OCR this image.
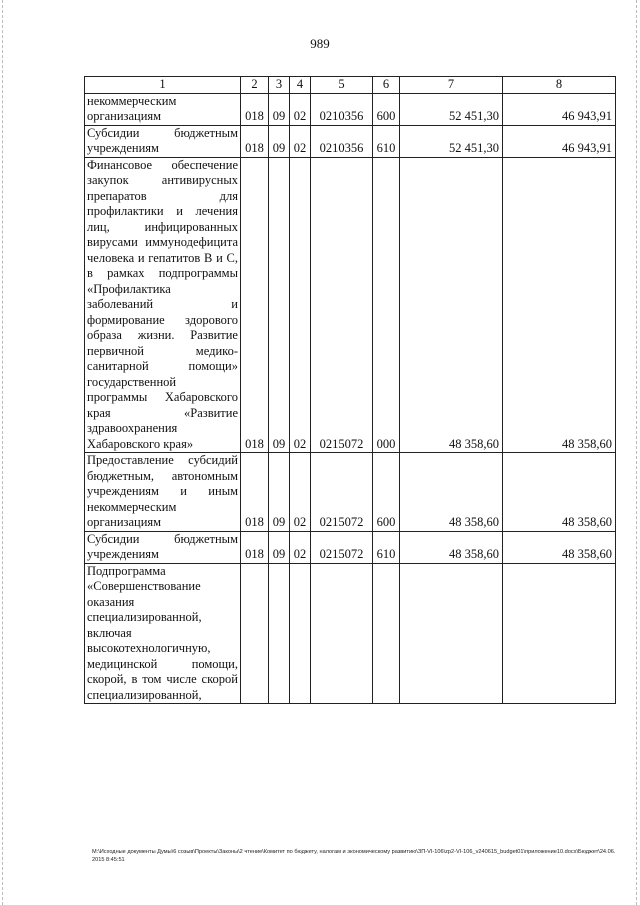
989
1	2	3	4	5	6	7	8
некоммерческим организациям	018	09	02	0210356	600	52 451,30	46 943,91
Субсидии бюджетным учреждениям	018	09	02	0210356	610	52 451,30	46 943,91
Финансовое обеспечение закупок антивирусных препаратов для профилактики и лечения лиц, инфицированных вирусами иммунодефицита человека и гепатитов В и С, в рамках подпрограммы «Профилактика заболеваний и формирование здорового образа жизни. Развитие первичной медико-санитарной помощи» государственной программы Хабаровского края «Развитие здравоохранения Хабаровского края»	018	09	02	0215072	000	48 358,60	48 358,60
Предоставление субсидий бюджетным, автономным учреждениям и иным некоммерческим организациям	018	09	02	0215072	600	48 358,60	48 358,60
Субсидии бюджетным учреждениям	018	09	02	0215072	610	48 358,60	48 358,60
Подпрограмма «Совершенствование оказания специализированной, включая высокотехнологичную, медицинской помощи, скорой, в том числе скорой специализированной,							
M:\Исходные документы Думы\6 созыв\Проекты\Законы\2 чтение\Комитет по бюджету, налогам и экономическому развитию\ЗП-VI-106\zp2-VI-106_v240615_budget01\приложение10.docx\Бюджет\24.06.2015 8:45:51
